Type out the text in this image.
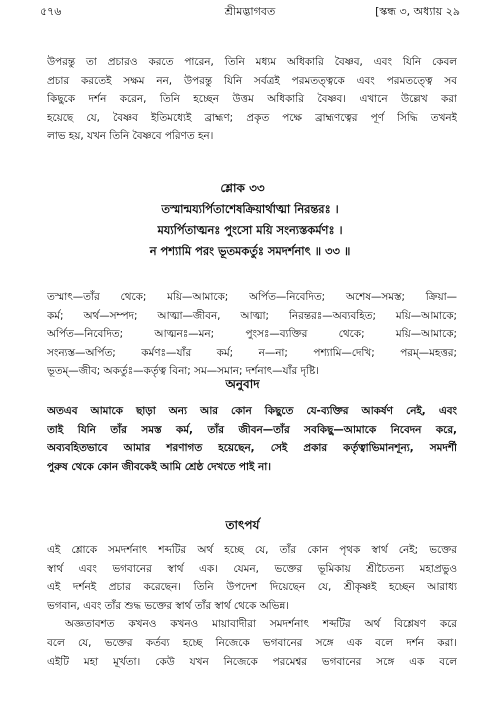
৫৭৬	শ্রীমদ্ভাগবত	[স্কন্ধ ৩, অধ্যায় ২৯
উপরন্তু তা প্রচারও করতে পারেন, তিনি মধ্যম অধিকারি বৈষ্ণব, এবং যিনি কেবল
প্রচার করতেই সক্ষম নন, উপরন্তু যিনি সর্বত্রই পরমতত্ত্বকে এবং পরমতত্ত্বে সব
কিছুকে দর্শন করেন, তিনি হচ্ছেন উত্তম অধিকারি বৈষ্ণব। এখানে উল্লেখ করা
হয়েছে যে, বৈষ্ণব ইতিমধ্যেই ব্রাহ্মণ; প্রকৃত পক্ষে ব্রাহ্মণত্বের পূর্ণ সিদ্ধি তখনই
লাভ হয়, যখন তিনি বৈষ্ণবে পরিণত হন।
শ্লোক ৩৩
তস্মান্ময্যর্পিতাশেষক্রিয়ার্থাত্মা নিরন্তরঃ ।
ময্যর্পিতাত্মনঃ পুংসো ময়ি সংন্যস্তকর্মণঃ ।
ন পশ্যামি পরং ভূতমকর্তুঃ সমদর্শনাৎ ॥ ৩৩ ॥
তস্মাৎ—তাঁর থেকে; ময়ি—আমাকে; অর্পিত—নিবেদিত; অশেষ—সমস্ত; ক্রিয়া—
কর্ম; অর্থ—সম্পদ; আত্মা—জীবন, আত্মা; নিরন্তরঃ—অব্যবহিত; ময়ি—আমাকে;
অর্পিত—নিবেদিত; আত্মনঃ—মন; পুংসঃ—ব্যক্তির থেকে; ময়ি—আমাকে;
সংন্যস্ত—অর্পিত; কর্মণঃ—যাঁর কর্ম; ন—না; পশ্যামি—দেখি; পরম্—মহত্তর;
ভূতম্—জীব; অকর্তুঃ—কর্তৃত্ব বিনা; সম—সমান; দর্শনাৎ—যাঁর দৃষ্টি।
অনুবাদ
অতএব আমাকে ছাড়া অন্য আর কোন কিছুতে যে-ব্যক্তির আকর্ষণ নেই, এবং
তাই যিনি তাঁর সমস্ত কর্ম, তাঁর জীবন—তাঁর সবকিছু—আমাকে নিবেদন করে,
অব্যবহিতভাবে আমার শরণাগত হয়েছেন, সেই প্রকার কর্তৃত্বাভিমানশূন্য, সমদর্শী
পুরুষ থেকে কোন জীবকেই আমি শ্রেষ্ঠ দেখতে পাই না।
তাৎপর্য
এই শ্লোকে সমদর্শনাৎ শব্দটির অর্থ হচ্ছে যে, তাঁর কোন পৃথক স্বার্থ নেই; ভক্তের
স্বার্থ এবং ভগবানের স্বার্থ এক। যেমন, ভক্তের ভূমিকায় শ্রীচৈতন্য মহাপ্রভুও
এই দর্শনই প্রচার করেছেন। তিনি উপদেশ দিয়েছেন যে, শ্রীকৃষ্ণই হচ্ছেন আরাধ্য
ভগবান, এবং তাঁর শুদ্ধ ভক্তের স্বার্থ তাঁর স্বার্থ থেকে অভিন্ন।
অজ্ঞতাবশত কখনও কখনও মায়াবাদীরা সমদর্শনাৎ শব্দটির অর্থ বিশ্লেষণ করে
বলে যে, ভক্তের কর্তব্য হচ্ছে নিজেকে ভগবানের সঙ্গে এক বলে দর্শন করা।
এইটি মহা মূর্খতা। কেউ যখন নিজেকে পরমেশ্বর ভগবানের সঙ্গে এক বলে
